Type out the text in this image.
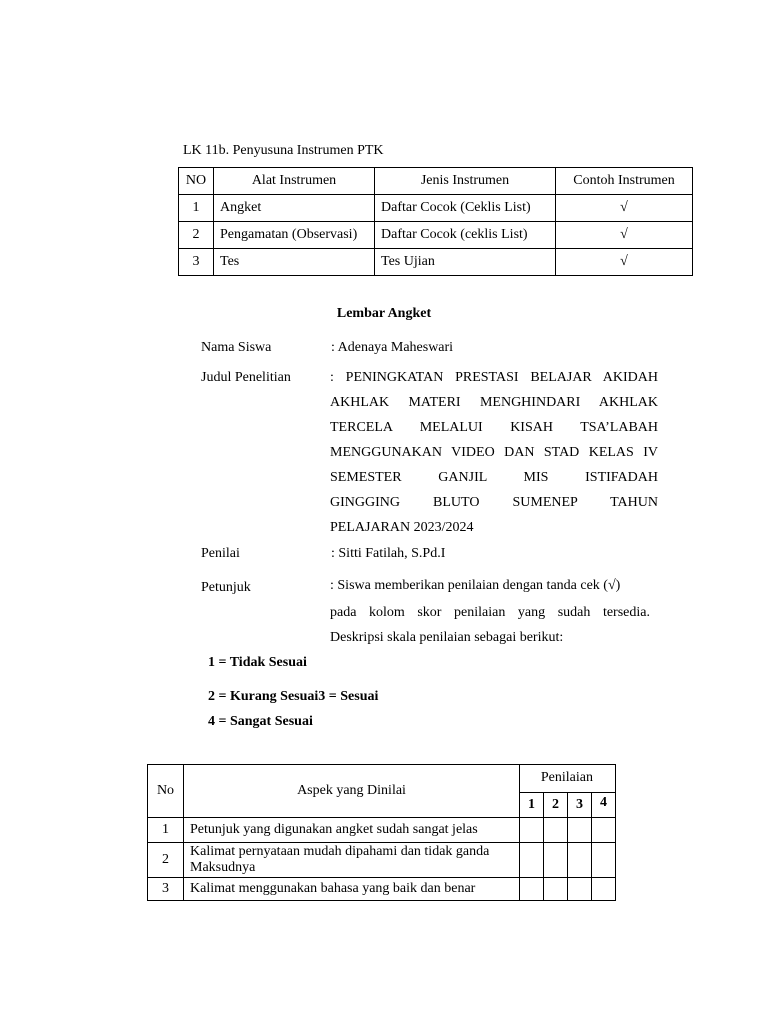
LK 11b. Penyusuna Instrumen PTK
NO	Alat Instrumen	Jenis Instrumen	Contoh Instrumen
1	Angket	Daftar Cocok (Ceklis List)	√
2	Pengamatan (Observasi)	Daftar Cocok (ceklis List)	√
3	Tes	Tes Ujian	√
Lembar Angket
Nama Siswa	: Adenaya Maheswari
Judul Penelitian	: PENINGKATAN PRESTASI BELAJAR AKIDAH
AKHLAK MATERI MENGHINDARI AKHLAK
TERCELA MELALUI KISAH TSA’LABAH
MENGGUNAKAN VIDEO DAN STAD KELAS IV
SEMESTER GANJIL MIS ISTIFADAH
GINGGING BLUTO SUMENEP TAHUN
PELAJARAN 2023/2024
Penilai	: Sitti Fatilah, S.Pd.I
Petunjuk	: Siswa memberikan penilaian dengan tanda cek (√)
pada kolom skor penilaian yang sudah tersedia.
Deskripsi skala penilaian sebagai berikut:
1 = Tidak Sesuai
2 = Kurang Sesuai3 = Sesuai
4 = Sangat Sesuai
No	Aspek yang Dinilai	Penilaian			
		1	2	3	4
1	Petunjuk yang digunakan angket sudah sangat jelas				
2	Kalimat pernyataan mudah dipahami dan tidak ganda Maksudnya				
3	Kalimat menggunakan bahasa yang baik dan benar				
